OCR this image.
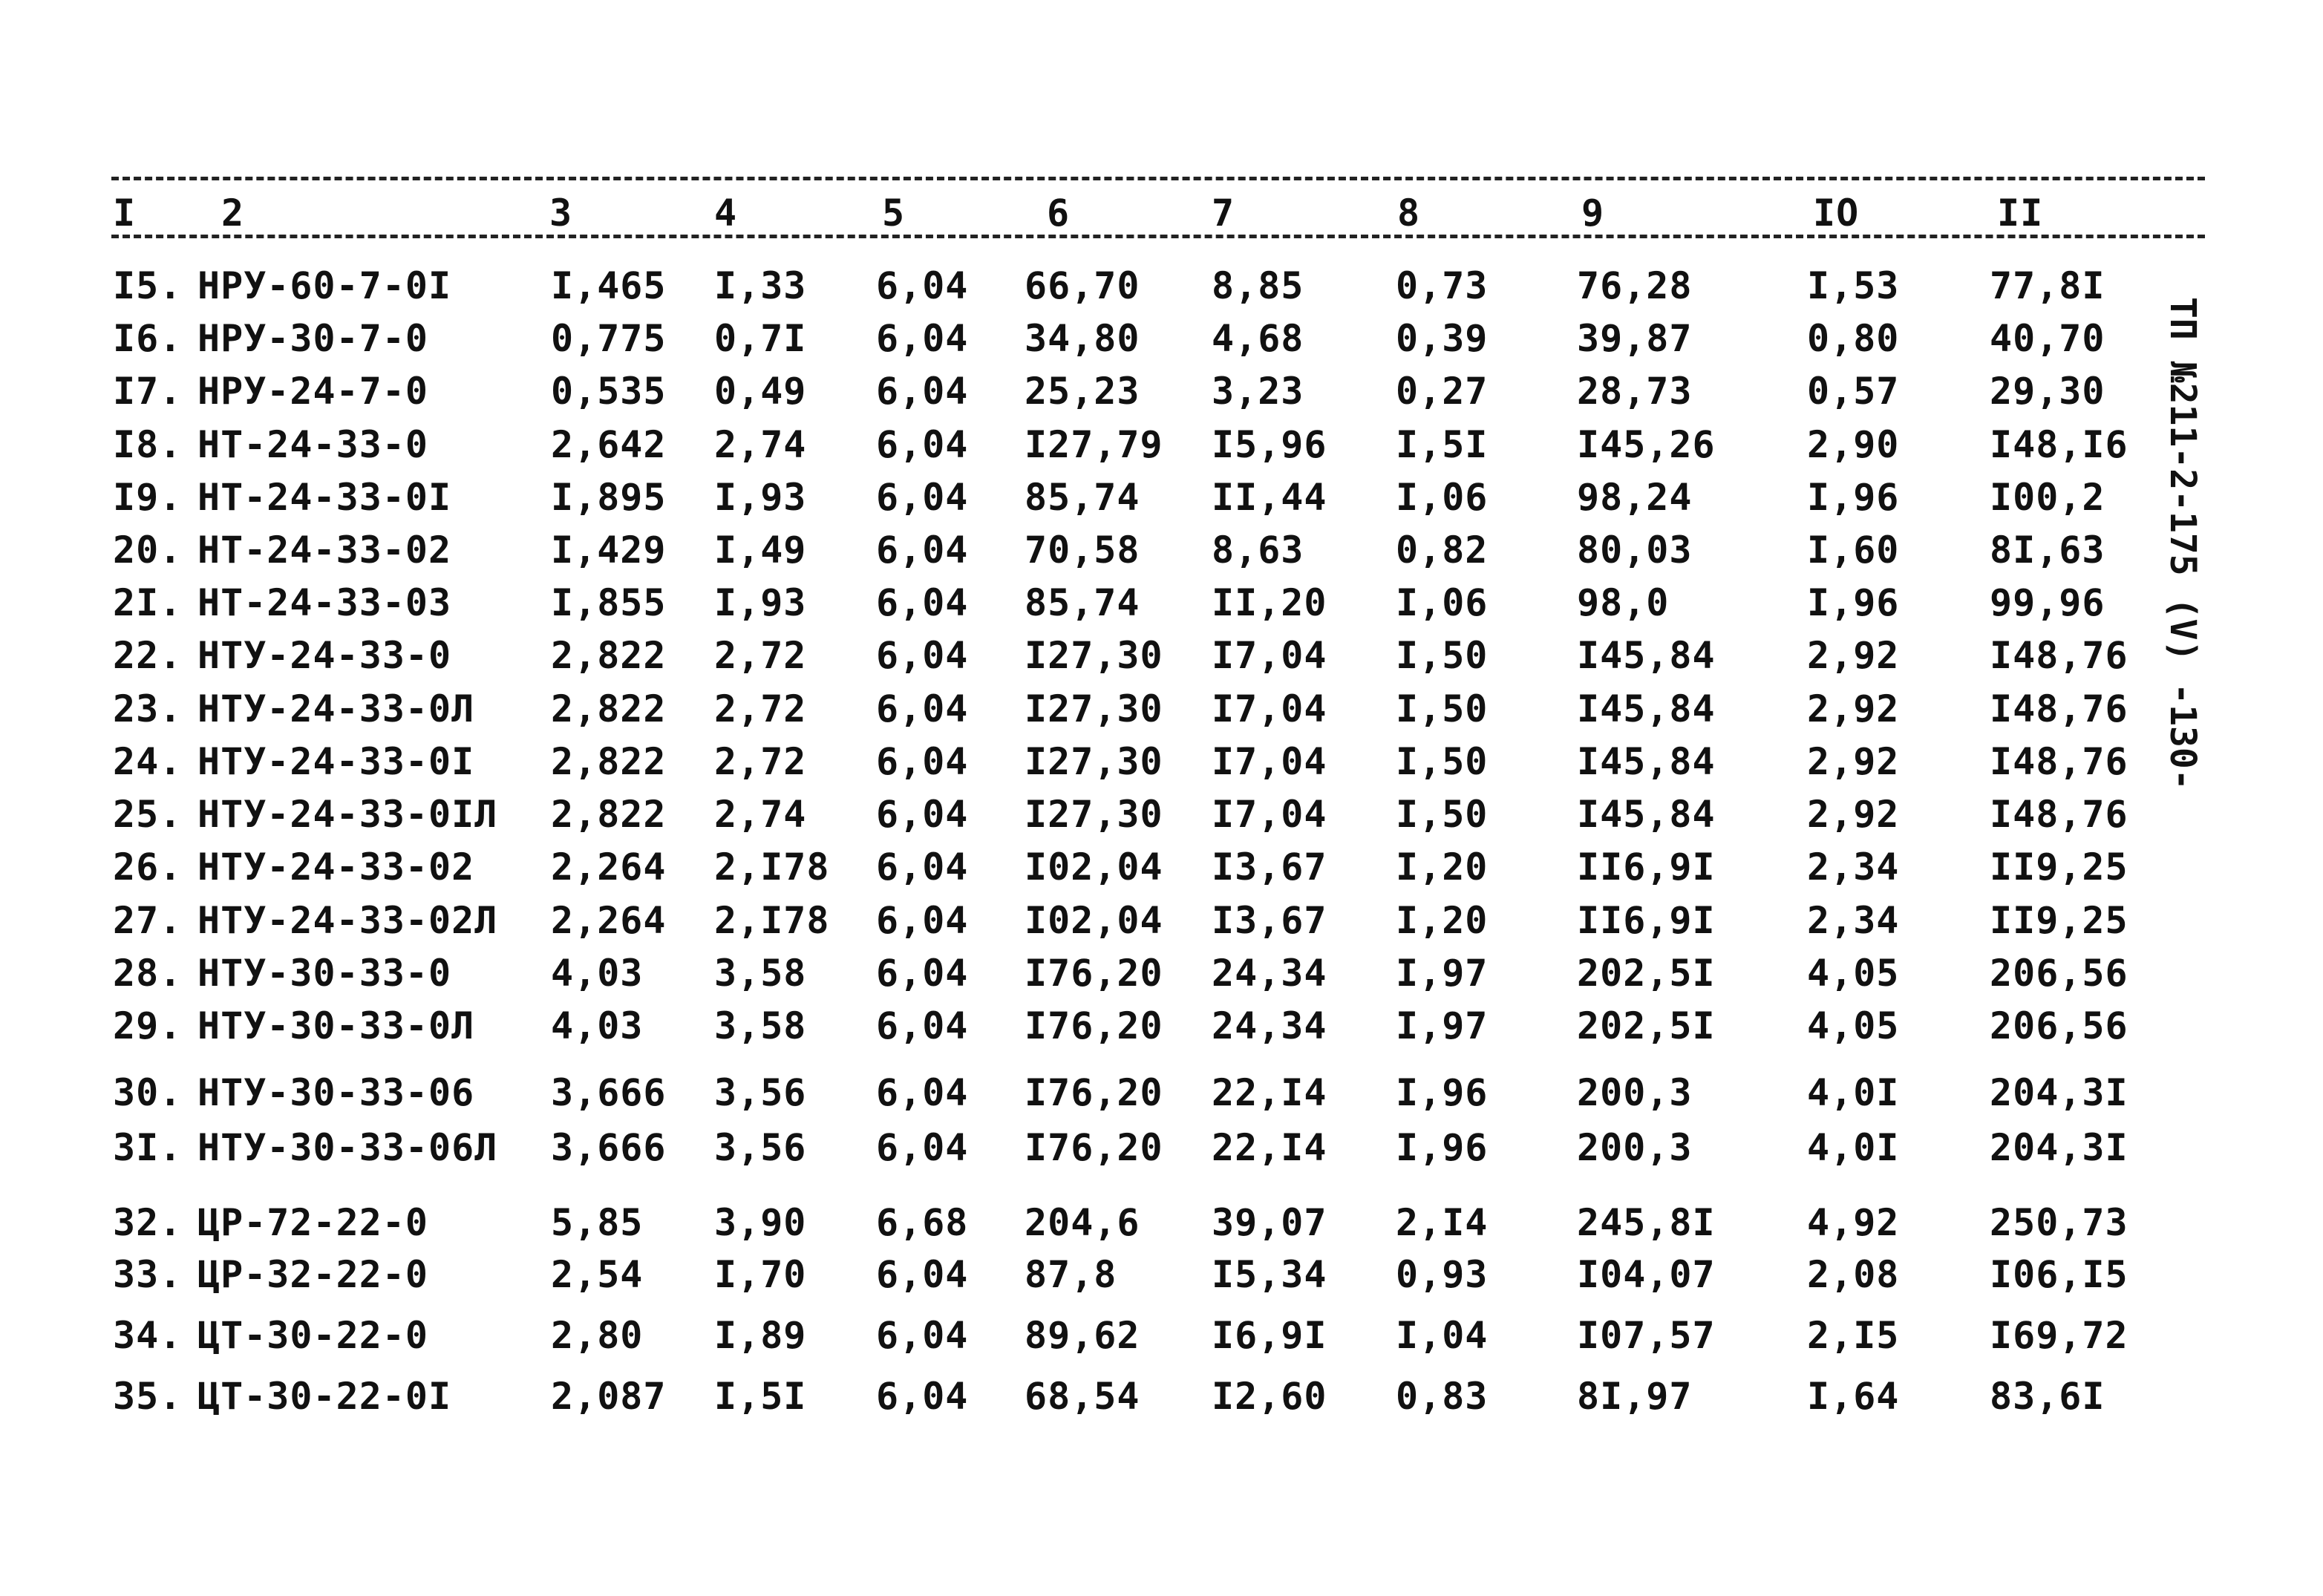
I 2	3	4	5	6	7	8	9	IO	II
I5. НРУ-60-7-0I	I,465 I,33 6,04 66,70 8,85 0,73 76,28	I,53 77,8I
I6. НРУ-30-7-0	0,775 0,7I 6,04 34,80 4,68 0,39 39,87	0,80 40,70
I7. НРУ-24-7-0	0,535 0,49 6,04 25,23 3,23 0,27 28,73	0,57 29,30
I8. НТ-24-33-0	2,642 2,74 6,04 I27,79 I5,96 I,5I I45,26 2,90 I48,I6
I9. НТ-24-33-0I	I,895 I,93 6,04 85,74 II,44 I,06 98,24	I,96 I00,2
20. НТ-24-33-02	I,429 I,49 6,04 70,58 8,63 0,82 80,03	I,60 8I,63
2I. НТ-24-33-03	I,855 I,93 6,04 85,74 II,20 I,06 98,0	I,96 99,96
22. НТУ-24-33-0	2,822 2,72 6,04 I27,30 I7,04 I,50 I45,84 2,92 I48,76
23. НТУ-24-33-0Л 2,822 2,72 6,04 I27,30 I7,04 I,50 I45,84 2,92 I48,76
24. НТУ-24-33-0I 2,822 2,72 6,04 I27,30 I7,04 I,50 I45,84 2,92 I48,76
25. НТУ-24-33-0IЛ 2,822 2,74 6,04 I27,30 I7,04 I,50 I45,84 2,92 I48,76
26. НТУ-24-33-02 2,264 2,I78 6,04 I02,04 I3,67 I,20 II6,9I 2,34 II9,25
27. НТУ-24-33-02Л 2,264 2,I78 6,04 I02,04 I3,67 I,20 II6,9I 2,34 II9,25
28. НТУ-30-33-0	4,03 3,58 6,04 I76,20 24,34 I,97 202,5I 4,05 206,56
29. НТУ-30-33-0Л 4,03 3,58 6,04 I76,20 24,34 I,97 202,5I 4,05 206,56
30. НТУ-30-33-06 3,666 3,56 6,04 I76,20 22,I4 I,96 200,3	4,0I 204,3I
3I. НТУ-30-33-06Л 3,666 3,56 6,04 I76,20 22,I4 I,96 200,3	4,0I 204,3I
32. ЦР-72-22-0	5,85 3,90 6,68 204,6 39,07 2,I4 245,8I 4,92 250,73
33. ЦР-32-22-0	2,54 I,70 6,04 87,8	I5,34 0,93 I04,07 2,08 I06,I5
34. ЦТ-30-22-0	2,80 I,89 6,04 89,62 I6,9I I,04 I07,57 2,I5 I69,72
35. ЦТ-30-22-0I	2,087 I,5I 6,04 68,54 I2,60 0,83 8I,97	I,64 83,6I
ТП №211-2-175 (V) -130-
